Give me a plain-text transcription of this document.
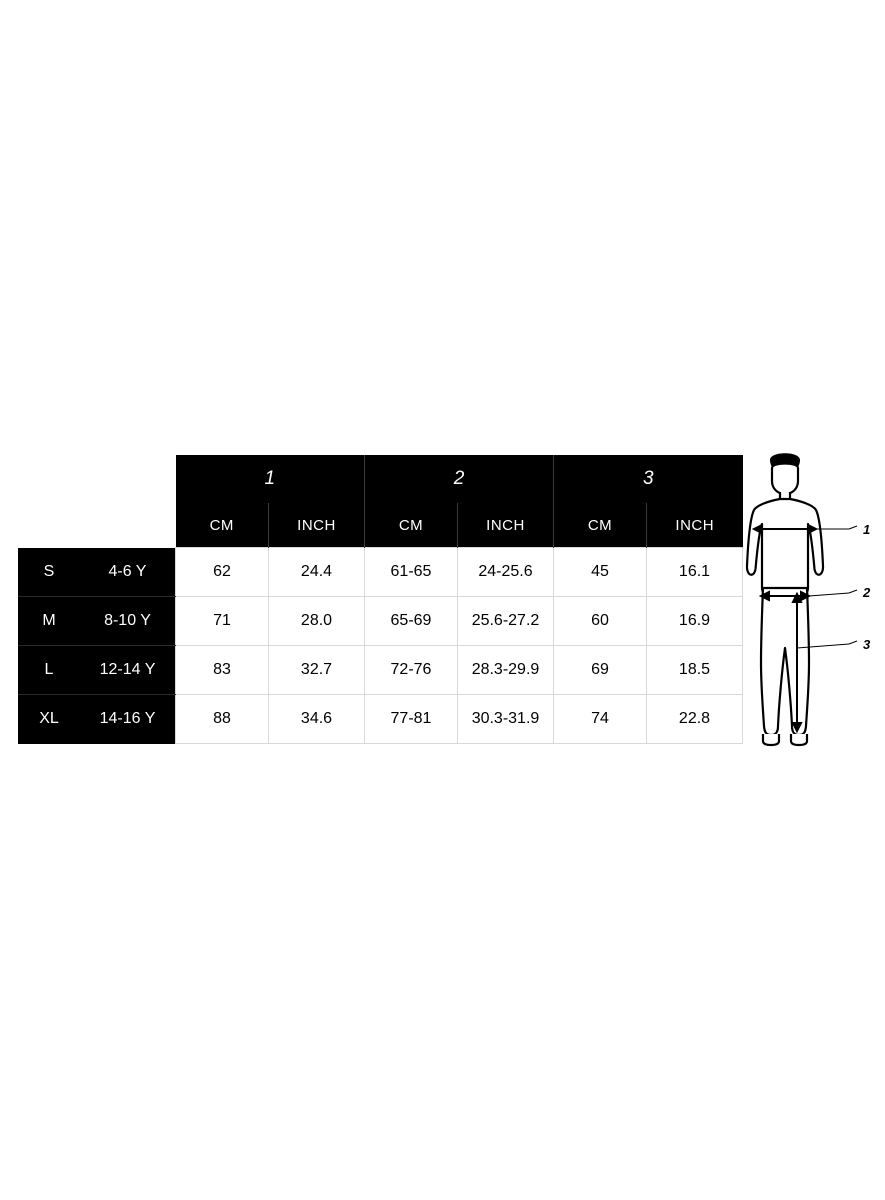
		1		2		3	
		CM	INCH	CM	INCH	CM	INCH
S	4-6 Y	62	24.4	61-65	24-25.6	45	16.1
M	8-10 Y	71	28.0	65-69	25.6-27.2	60	16.9
L	12-14 Y	83	32.7	72-76	28.3-29.9	69	18.5
XL	14-16 Y	88	34.6	77-81	30.3-31.9	74	22.8
1
2
3
